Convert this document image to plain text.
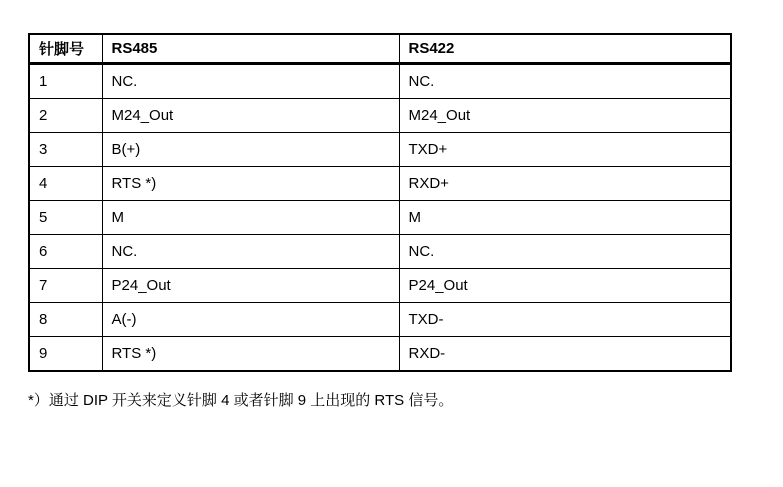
针脚号	RS485	RS422
1	NC.	NC.
2	M24_Out	M24_Out
3	B(+)	TXD+
4	RTS *)	RXD+
5	M	M
6	NC.	NC.
7	P24_Out	P24_Out
8	A(-)	TXD-
9	RTS *)	RXD-

*）通过 DIP 开关来定义针脚 4 或者针脚 9 上出现的 RTS 信号。
